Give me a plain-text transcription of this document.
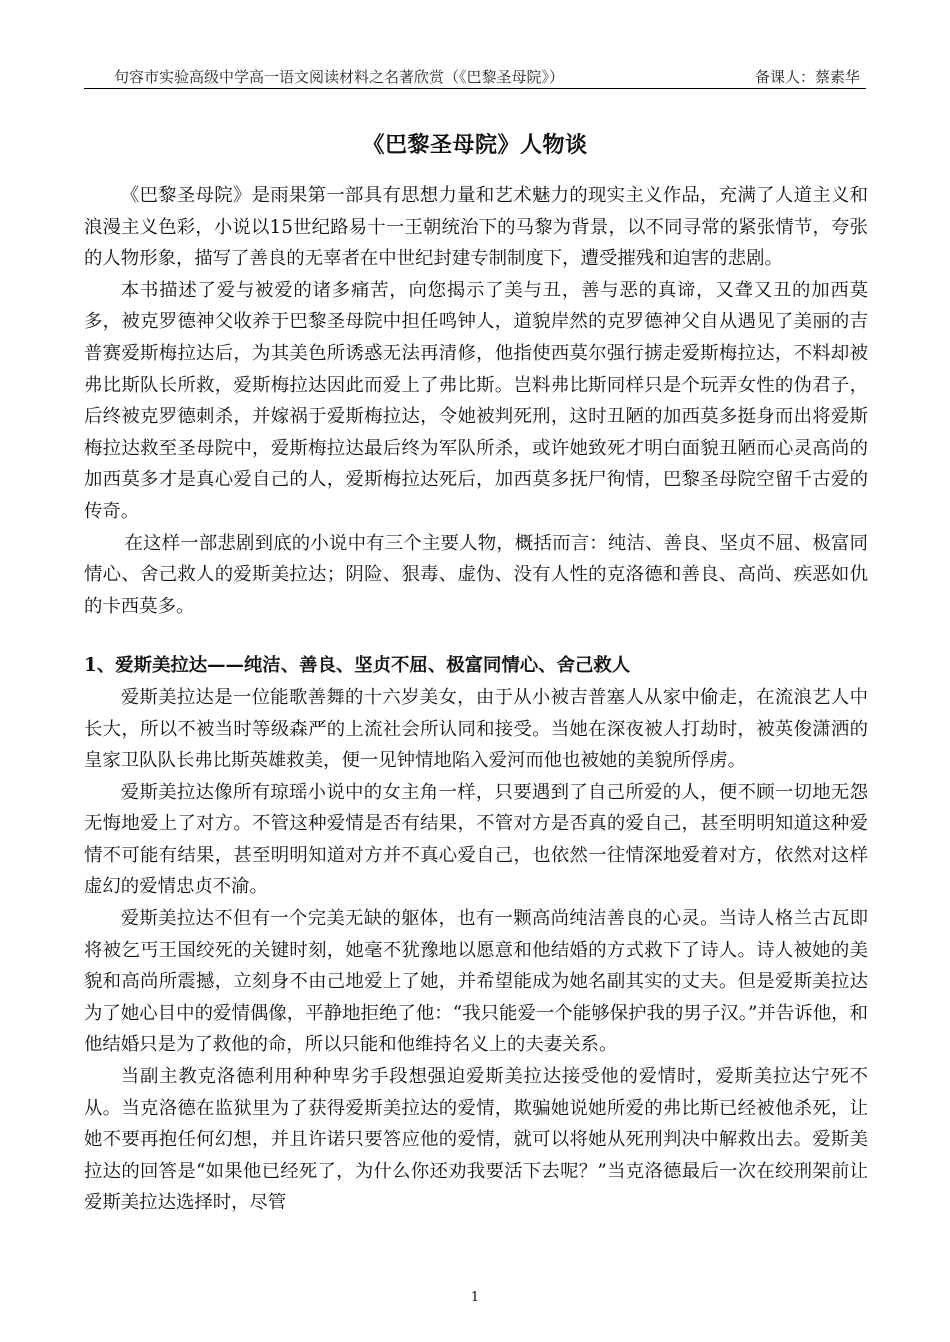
句容市实验高级中学高一语文阅读材料之名著欣赏（《巴黎圣母院》）	备课人：蔡素华
《巴黎圣母院》人物谈

《巴黎圣母院》是雨果第一部具有思想力量和艺术魅力的现实主义作品，充满了人道主义和浪漫主义色彩，小说以15世纪路易十一王朝统治下的马黎为背景，以不同寻常的紧张情节，夸张的人物形象，描写了善良的无辜者在中世纪封建专制制度下，遭受摧残和迫害的悲剧。

本书描述了爱与被爱的诸多痛苦，向您揭示了美与丑，善与恶的真谛，又聋又丑的加西莫多，被克罗德神父收养于巴黎圣母院中担任鸣钟人，道貌岸然的克罗德神父自从遇见了美丽的吉普赛爱斯梅拉达后，为其美色所诱惑无法再清修，他指使西莫尔强行掳走爱斯梅拉达，不料却被弗比斯队长所救，爱斯梅拉达因此而爱上了弗比斯。岂料弗比斯同样只是个玩弄女性的伪君子，后终被克罗德刺杀，并嫁祸于爱斯梅拉达，令她被判死刑，这时丑陋的加西莫多挺身而出将爱斯梅拉达救至圣母院中，爱斯梅拉达最后终为军队所杀，或许她致死才明白面貌丑陋而心灵高尚的加西莫多才是真心爱自己的人，爱斯梅拉达死后，加西莫多抚尸徇情，巴黎圣母院空留千古爱的传奇。

在这样一部悲剧到底的小说中有三个主要人物，概括而言：纯洁、善良、坚贞不屈、极富同情心、舍己救人的爱斯美拉达；阴险、狠毒、虚伪、没有人性的克洛德和善良、高尚、疾恶如仇的卡西莫多。

1、爱斯美拉达——纯洁、善良、坚贞不屈、极富同情心、舍己救人

爱斯美拉达是一位能歌善舞的十六岁美女，由于从小被吉普塞人从家中偷走，在流浪艺人中长大，所以不被当时等级森严的上流社会所认同和接受。当她在深夜被人打劫时，被英俊潇洒的皇家卫队队长弗比斯英雄救美，便一见钟情地陷入爱河而他也被她的美貌所俘虏。

爱斯美拉达像所有琼瑶小说中的女主角一样，只要遇到了自己所爱的人，便不顾一切地无怨无悔地爱上了对方。不管这种爱情是否有结果，不管对方是否真的爱自己，甚至明明知道这种爱情不可能有结果，甚至明明知道对方并不真心爱自己，也依然一往情深地爱着对方，依然对这样虚幻的爱情忠贞不渝。

爱斯美拉达不但有一个完美无缺的躯体，也有一颗高尚纯洁善良的心灵。当诗人格兰古瓦即将被乞丐王国绞死的关键时刻，她毫不犹豫地以愿意和他结婚的方式救下了诗人。诗人被她的美貌和高尚所震撼，立刻身不由己地爱上了她，并希望能成为她名副其实的丈夫。但是爱斯美拉达为了她心目中的爱情偶像，平静地拒绝了他：“我只能爱一个能够保护我的男子汉。”并告诉他，和他结婚只是为了救他的命，所以只能和他维持名义上的夫妻关系。

当副主教克洛德利用种种卑劣手段想强迫爱斯美拉达接受他的爱情时，爱斯美拉达宁死不从。当克洛德在监狱里为了获得爱斯美拉达的爱情，欺骗她说她所爱的弗比斯已经被他杀死，让她不要再抱任何幻想，并且许诺只要答应他的爱情，就可以将她从死刑判决中解救出去。爱斯美拉达的回答是“如果他已经死了，为什么你还劝我要活下去呢？”当克洛德最后一次在绞刑架前让爱斯美拉达选择时，尽管

1
